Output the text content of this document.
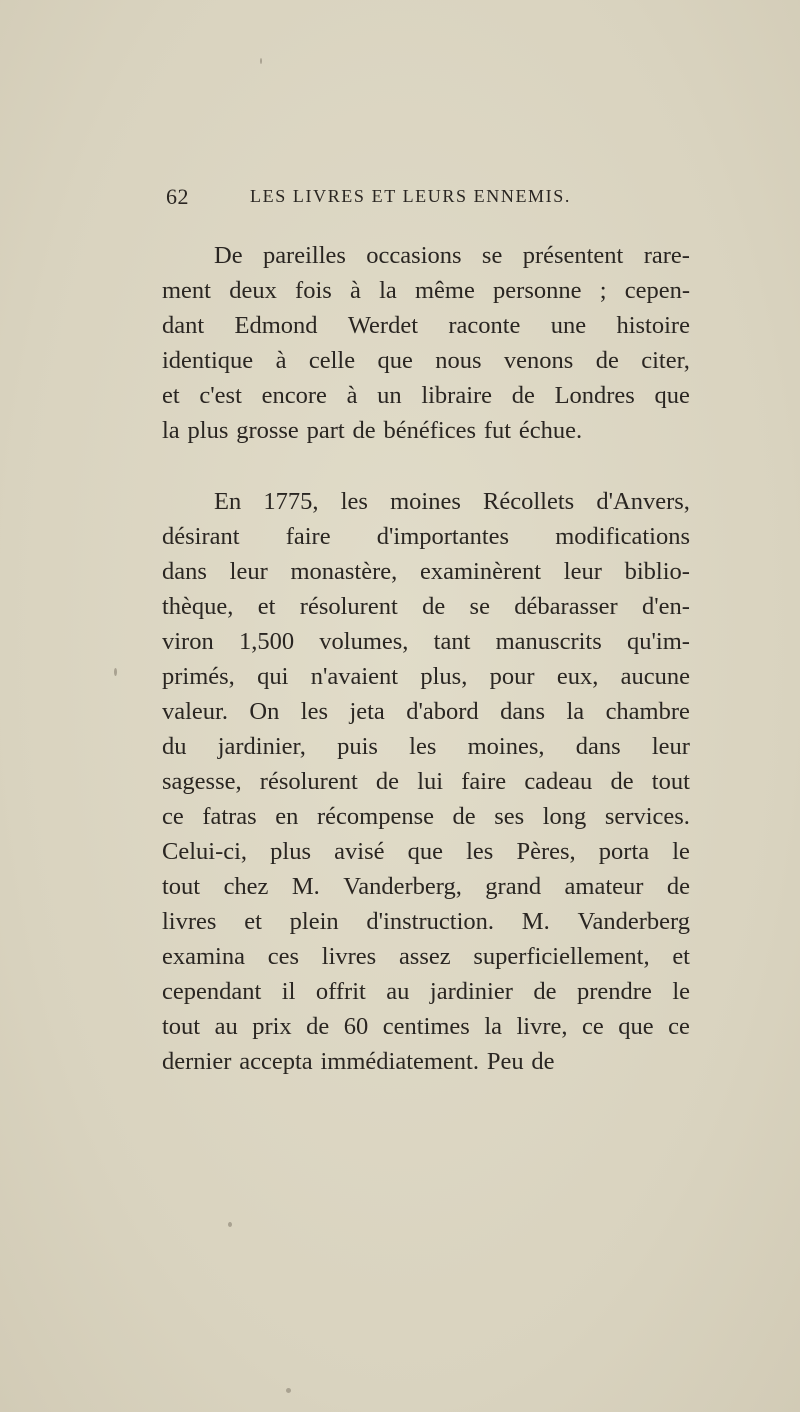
62	LES LIVRES ET LEURS ENNEMIS.
De pareilles occasions se présentent rare-
ment deux fois à la même personne ; cepen-
dant Edmond Werdet raconte une histoire
identique à celle que nous venons de citer,
et c'est encore à un libraire de Londres que
la plus grosse part de bénéfices fut échue.
En 1775, les moines Récollets d'Anvers,
désirant faire d'importantes modifications
dans leur monastère, examinèrent leur biblio-
thèque, et résolurent de se débarasser d'en-
viron 1,500 volumes, tant manuscrits qu'im-
primés, qui n'avaient plus, pour eux, aucune
valeur. On les jeta d'abord dans la chambre
du jardinier, puis les moines, dans leur
sagesse, résolurent de lui faire cadeau de tout
ce fatras en récompense de ses long services.
Celui-ci, plus avisé que les Pères, porta le
tout chez M. Vanderberg, grand amateur de
livres et plein d'instruction. M. Vanderberg
examina ces livres assez superficiellement, et
cependant il offrit au jardinier de prendre le
tout au prix de 60 centimes la livre, ce que ce
dernier accepta immédiatement. Peu de
